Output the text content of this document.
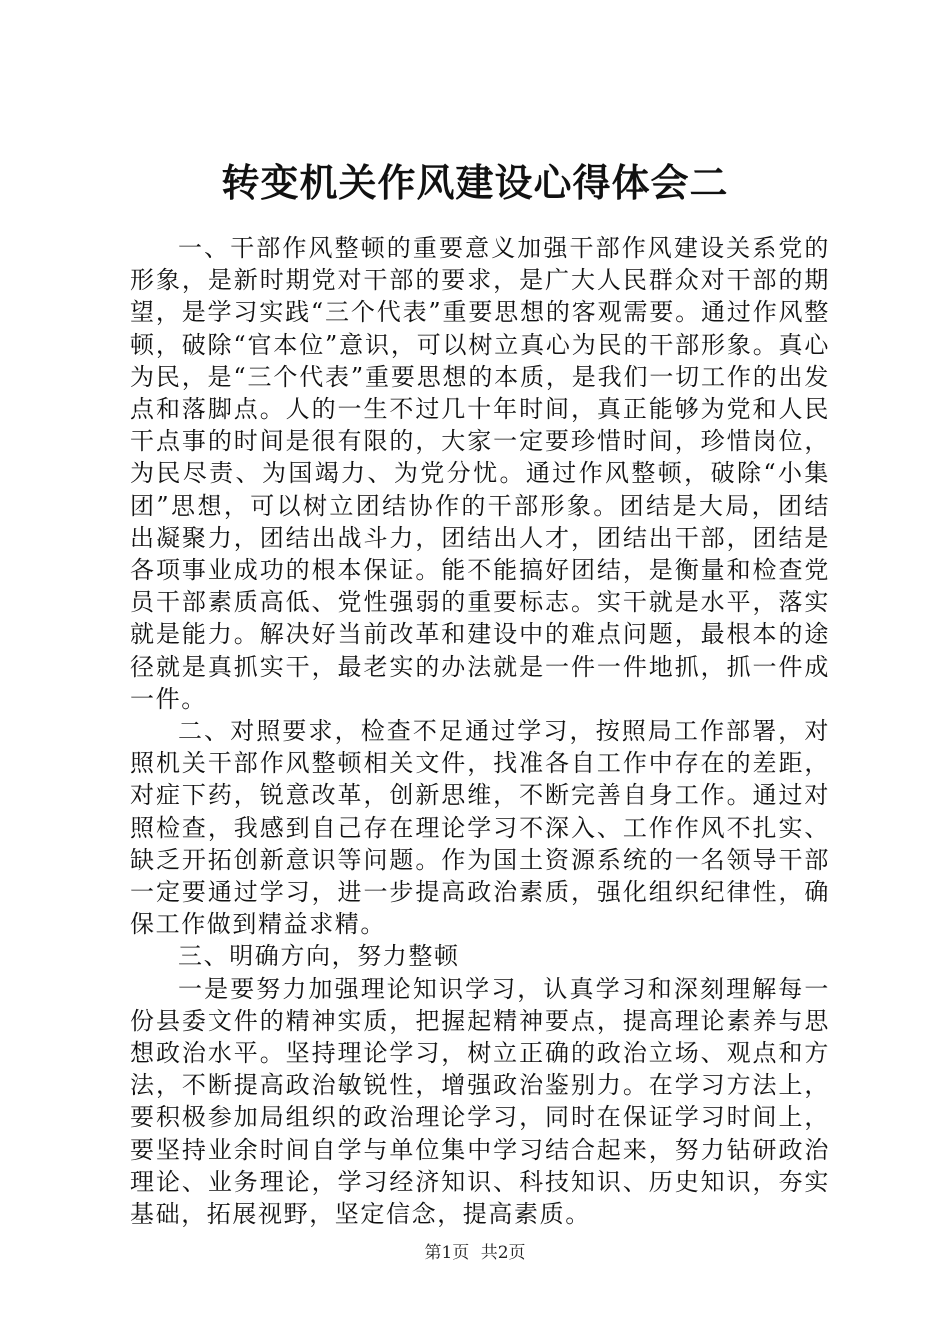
转变机关作风建设心得体会二

一、干部作风整顿的重要意义加强干部作风建设关系党的形象，是新时期党对干部的要求，是广大人民群众对干部的期望，是学习实践“三个代表”重要思想的客观需要。通过作风整顿，破除“官本位”意识，可以树立真心为民的干部形象。真心为民，是“三个代表”重要思想的本质，是我们一切工作的出发点和落脚点。人的一生不过几十年时间，真正能够为党和人民干点事的时间是很有限的，大家一定要珍惜时间，珍惜岗位，为民尽责、为国竭力、为党分忧。通过作风整顿，破除“小集团”思想，可以树立团结协作的干部形象。团结是大局，团结出凝聚力，团结出战斗力，团结出人才，团结出干部，团结是各项事业成功的根本保证。能不能搞好团结，是衡量和检查党员干部素质高低、党性强弱的重要标志。实干就是水平，落实就是能力。解决好当前改革和建设中的难点问题，最根本的途径就是真抓实干，最老实的办法就是一件一件地抓，抓一件成一件。

二、对照要求，检查不足通过学习，按照局工作部署，对照机关干部作风整顿相关文件，找准各自工作中存在的差距，对症下药，锐意改革，创新思维，不断完善自身工作。通过对照检查，我感到自己存在理论学习不深入、工作作风不扎实、缺乏开拓创新意识等问题。作为国土资源系统的一名领导干部一定要通过学习，进一步提高政治素质，强化组织纪律性，确保工作做到精益求精。

三、明确方向，努力整顿

一是要努力加强理论知识学习，认真学习和深刻理解每一份县委文件的精神实质，把握起精神要点，提高理论素养与思想政治水平。坚持理论学习，树立正确的政治立场、观点和方法，不断提高政治敏锐性，增强政治鉴别力。在学习方法上，要积极参加局组织的政治理论学习，同时在保证学习时间上，要坚持业余时间自学与单位集中学习结合起来，努力钻研政治理论、业务理论，学习经济知识、科技知识、历史知识，夯实基础，拓展视野，坚定信念，提高素质。

第1页 共2页
